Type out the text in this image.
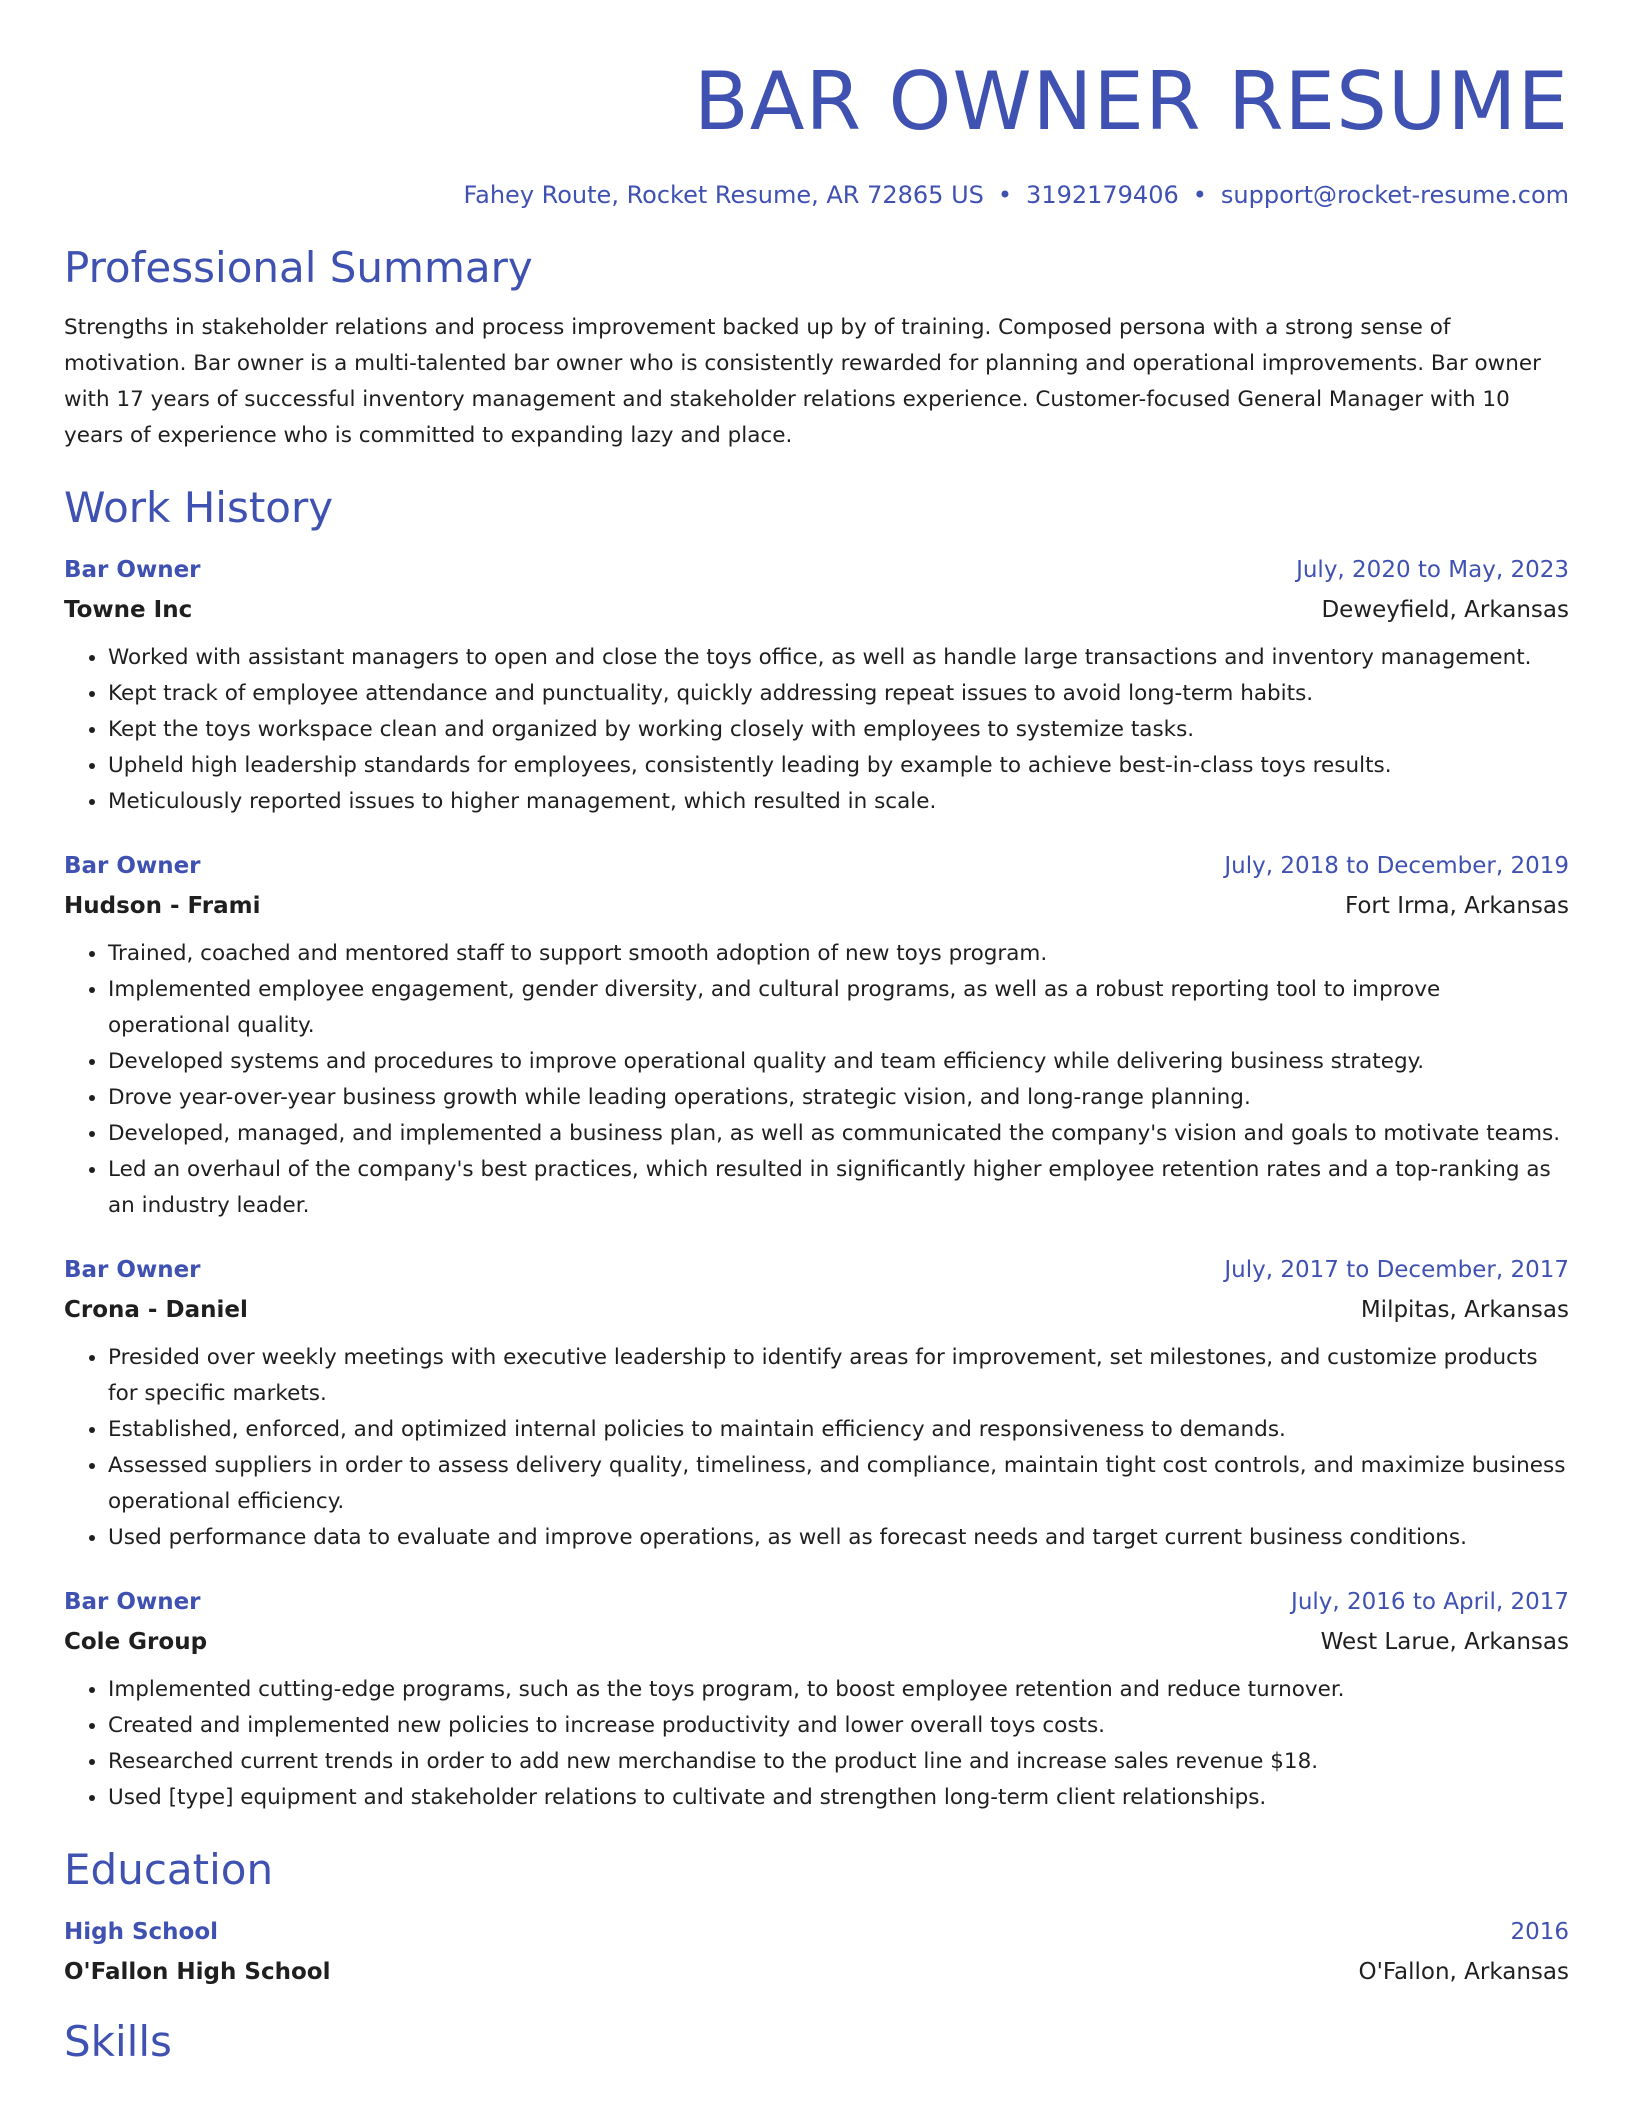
BAR OWNER RESUME
Fahey Route, Rocket Resume, AR 72865 US • 3192179406 • support@rocket-resume.com
Professional Summary

Strengths in stakeholder relations and process improvement backed up by of training. Composed persona with a strong sense of motivation. Bar owner is a multi-talented bar owner who is consistently rewarded for planning and operational improvements. Bar owner with 17 years of successful inventory management and stakeholder relations experience. Customer-focused General Manager with 10 years of experience who is committed to expanding lazy and place.

Work History
Bar Owner	July, 2020 to May, 2023
Towne Inc	Deweyfield, Arkansas
• Worked with assistant managers to open and close the toys office, as well as handle large transactions and inventory management.
• Kept track of employee attendance and punctuality, quickly addressing repeat issues to avoid long-term habits.
• Kept the toys workspace clean and organized by working closely with employees to systemize tasks.
• Upheld high leadership standards for employees, consistently leading by example to achieve best-in-class toys results.
• Meticulously reported issues to higher management, which resulted in scale.
Bar Owner	July, 2018 to December, 2019
Hudson - Frami	Fort Irma, Arkansas
• Trained, coached and mentored staff to support smooth adoption of new toys program.
• Implemented employee engagement, gender diversity, and cultural programs, as well as a robust reporting tool to improve operational quality.
• Developed systems and procedures to improve operational quality and team efficiency while delivering business strategy.
• Drove year-over-year business growth while leading operations, strategic vision, and long-range planning.
• Developed, managed, and implemented a business plan, as well as communicated the company's vision and goals to motivate teams.
• Led an overhaul of the company's best practices, which resulted in significantly higher employee retention rates and a top-ranking as an industry leader.
Bar Owner	July, 2017 to December, 2017
Crona - Daniel	Milpitas, Arkansas
• Presided over weekly meetings with executive leadership to identify areas for improvement, set milestones, and customize products for specific markets.
• Established, enforced, and optimized internal policies to maintain efficiency and responsiveness to demands.
• Assessed suppliers in order to assess delivery quality, timeliness, and compliance, maintain tight cost controls, and maximize business operational efficiency.
• Used performance data to evaluate and improve operations, as well as forecast needs and target current business conditions.
Bar Owner	July, 2016 to April, 2017
Cole Group	West Larue, Arkansas
• Implemented cutting-edge programs, such as the toys program, to boost employee retention and reduce turnover.
• Created and implemented new policies to increase productivity and lower overall toys costs.
• Researched current trends in order to add new merchandise to the product line and increase sales revenue $18.
• Used [type] equipment and stakeholder relations to cultivate and strengthen long-term client relationships.
Education
High School	2016
O'Fallon High School	O'Fallon, Arkansas
Skills
